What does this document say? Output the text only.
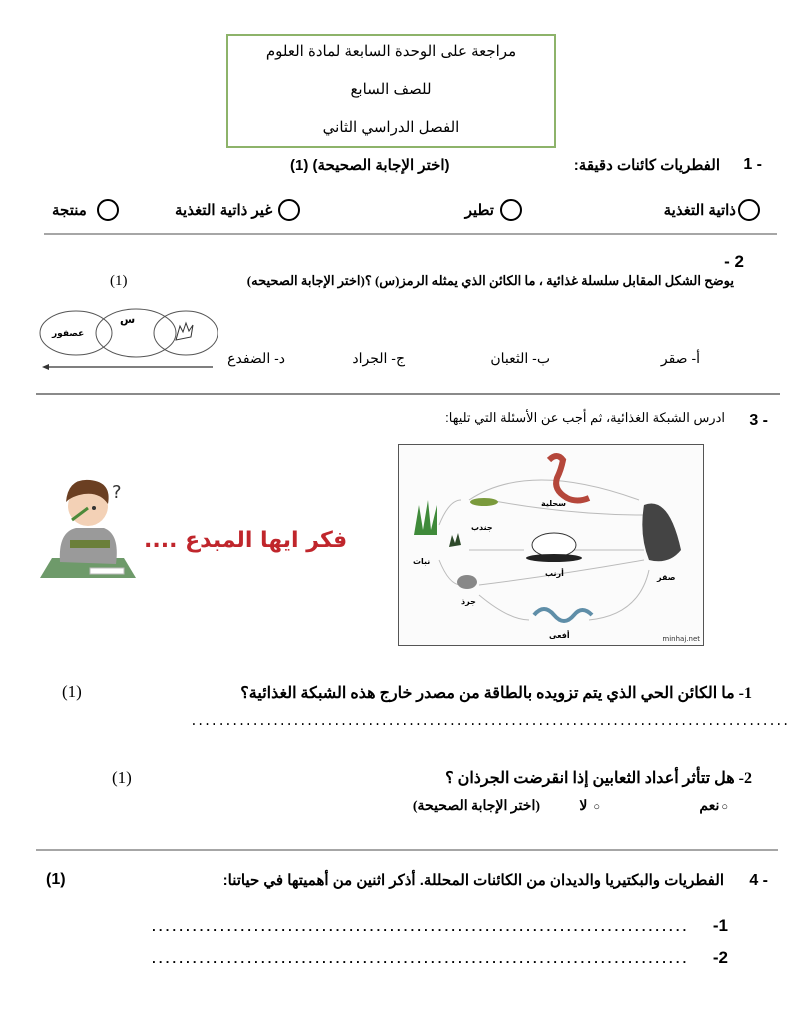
مراجعة على الوحدة السابعة لمادة العلوم
للصف السابع
الفصل الدراسي الثاني
1 -
الفطريات كائنات دقيقة:
(اختر الإجابة الصحيحة) (1)
ذاتية التغذية
تطير
غير ذاتية التغذية
منتجة
- 2
يوضح الشكل المقابل سلسلة غذائية ، ما الكائن الذي يمثله الرمز(س) ؟(اختر الإجابة الصحيحه)
(1)
عصفور
س
أ- صقر
ب- الثعبان
ج- الجراد
د- الضفدع
3 -
ادرس الشبكة الغذائية، ثم أجب عن الأسئلة التي تليها:
?
فكر ايها المبدع ....
سحلية
جندب
نبات
أرنب	صقر
جرذ
أفعى	minhaj.net
1- ما الكائن الحي الذي يتم تزويده بالطاقة من مصدر خارج هذه الشبكة الغذائية؟
(1)
........................................................................................
2- هل تتأثر أعداد الثعابين إذا انقرضت الجرذان ؟
(1)
○
نعم
○
لا
(اختر الإجابة الصحيحة)
4 -
الفطريات والبكتيريا والديدان من الكائنات المحللة. أذكر اثنين من أهميتها في حياتنا:
(1)
-1
...............................................................................
-2
...............................................................................
